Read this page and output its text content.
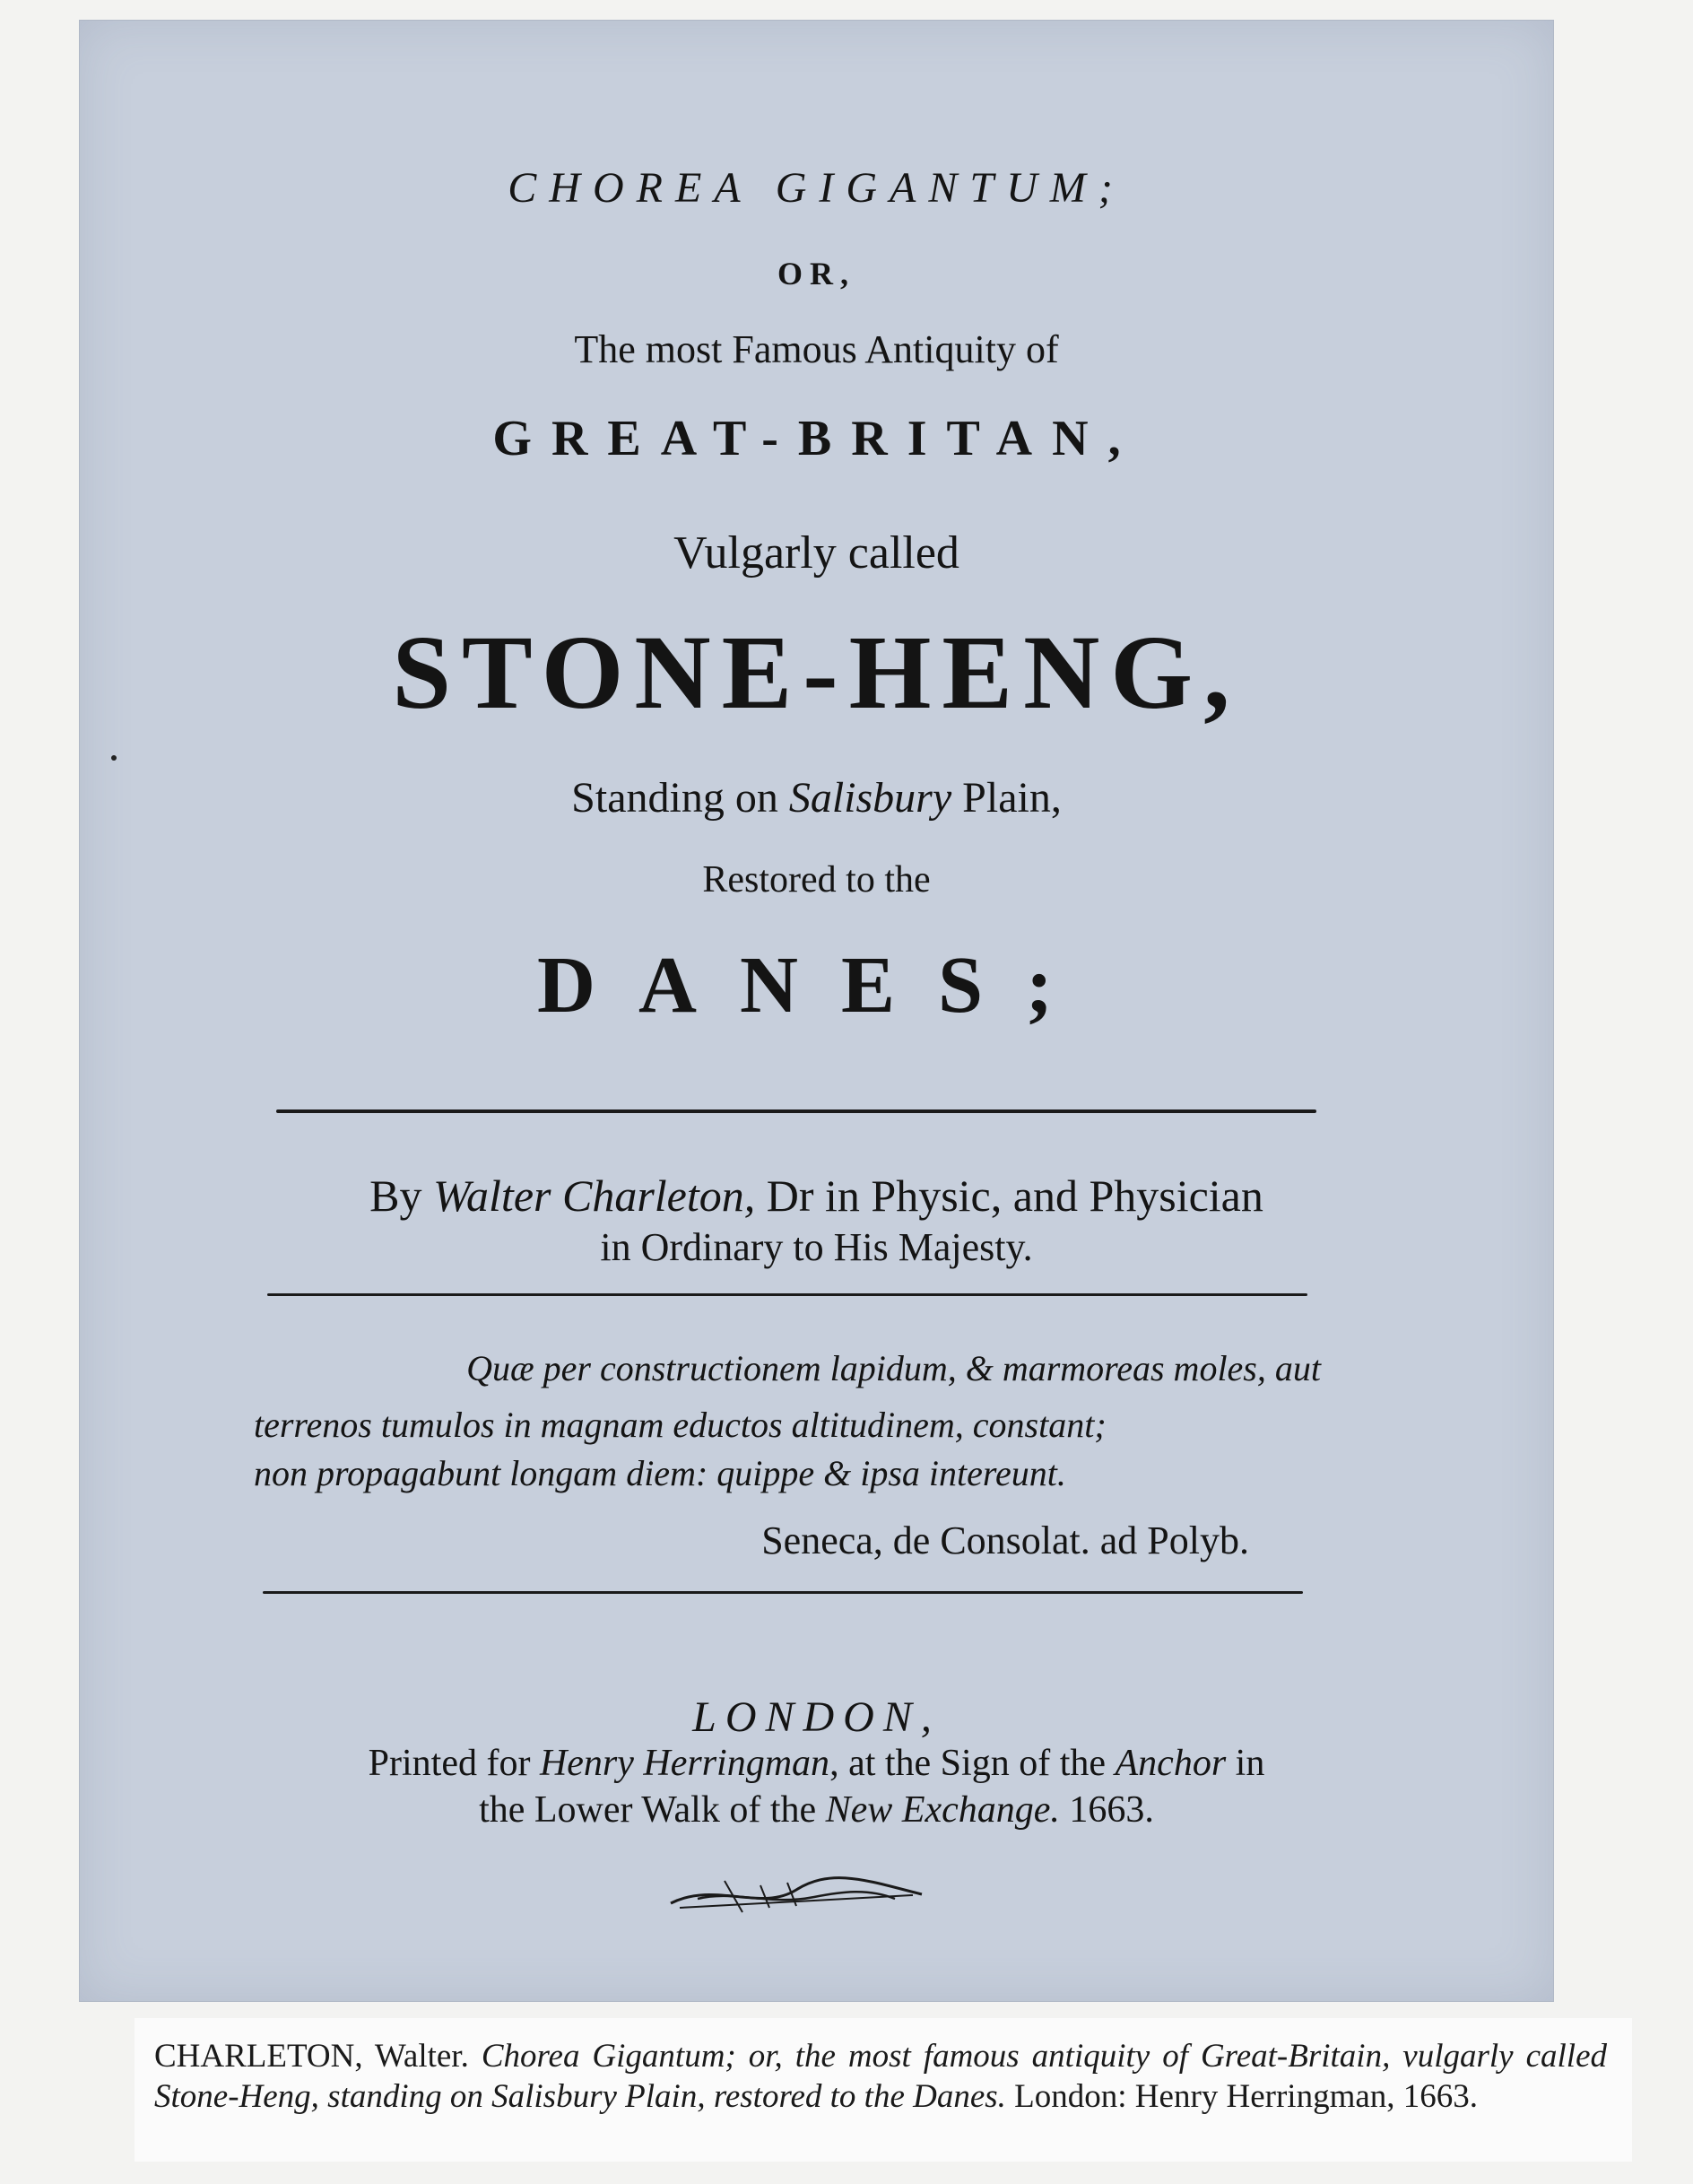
CHOREA GIGANTUM;
OR,
The most Famous Antiquity of
GREAT-BRITAN,
Vulgarly called
STONE-HENG,
Standing on Salisbury Plain,
Restored to the
DANES;
By Walter Charleton, Dr in Physic, and Physician
in Ordinary to His Majesty.
Quæ per constructionem lapidum, & marmoreas moles, aut
terrenos tumulos in magnam eductos altitudinem, constant;
non propagabunt longam diem: quippe & ipsa intereunt.
Seneca, de Consolat. ad Polyb.
LONDON,
Printed for Henry Herringman, at the Sign of the Anchor in
the Lower Walk of the New Exchange. 1663.
CHARLETON, Walter. Chorea Gigantum; or, the most famous antiquity of Great-Britain, vulgarly called Stone-Heng, standing on Salisbury Plain, restored to the Danes. London: Henry Herringman, 1663.
